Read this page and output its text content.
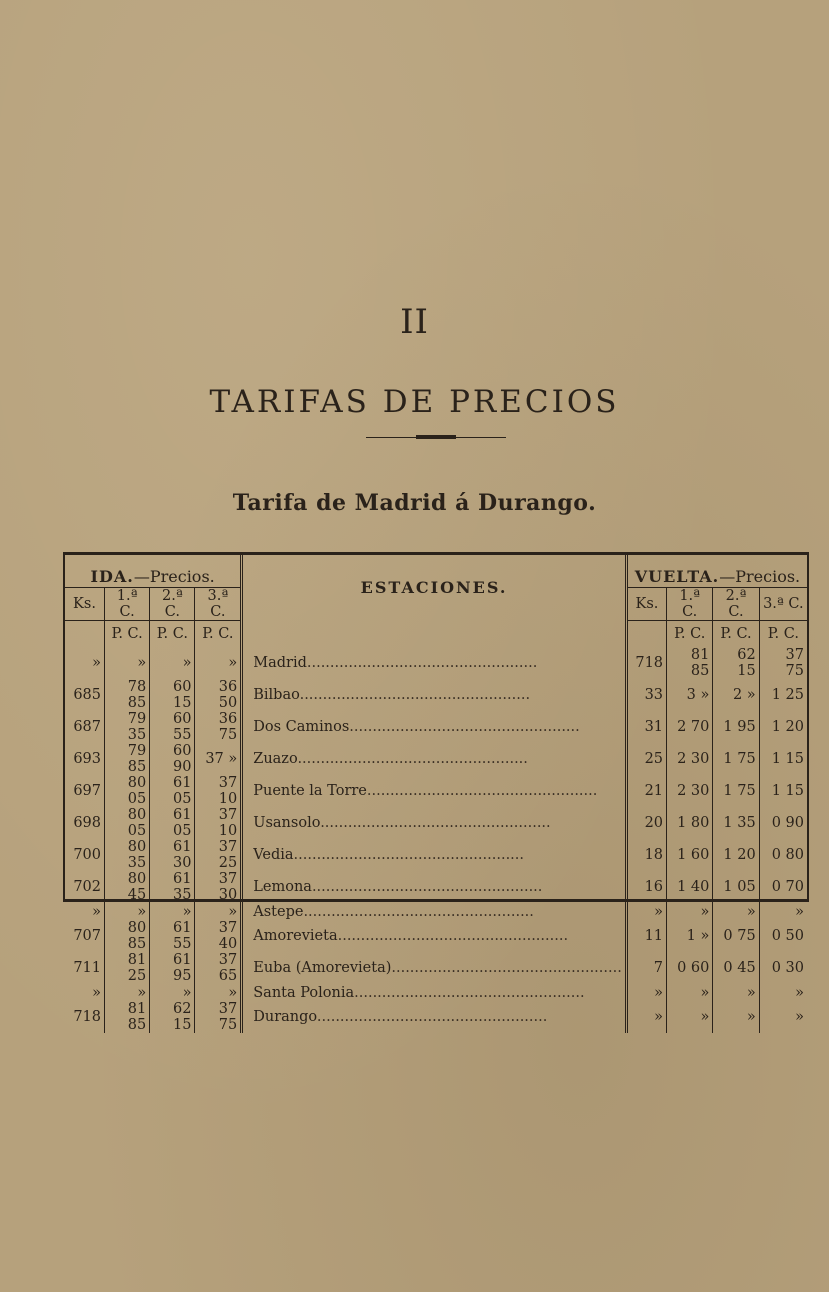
II
TARIFAS DE PRECIOS
Tarifa de Madrid á Durango.
IDA.—Precios.				ESTACIONES.	VUELTA.—Precios.			
Ks.	1.ª C.	2.ª C.	3.ª C.		Ks.	1.ª C.	2.ª C.	3.ª C.
	P. C.	P. C.	P. C.			P. C.	P. C.	P. C.
»	»	»	»	Madrid..................................................	718	81 85	62 15	37 75
685	78 85	60 15	36 50	Bilbao..................................................	33	3 »	2 »	1 25
687	79 35	60 55	36 75	Dos Caminos..................................................	31	2 70	1 95	1 20
693	79 85	60 90	37 »	Zuazo..................................................	25	2 30	1 75	1 15
697	80 05	61 05	37 10	Puente la Torre..................................................	21	2 30	1 75	1 15
698	80 05	61 05	37 10	Usansolo..................................................	20	1 80	1 35	0 90
700	80 35	61 30	37 25	Vedia..................................................	18	1 60	1 20	0 80
702	80 45	61 35	37 30	Lemona..................................................	16	1 40	1 05	0 70
»	»	»	»	Astepe..................................................	»	»	»	»
707	80 85	61 55	37 40	Amorevieta..................................................	11	1 »	0 75	0 50
711	81 25	61 95	37 65	Euba (Amorevieta)..................................................	7	0 60	0 45	0 30
»	»	»	»	Santa Polonia..................................................	»	»	»	»
718	81 85	62 15	37 75	Durango..................................................	»	»	»	»
